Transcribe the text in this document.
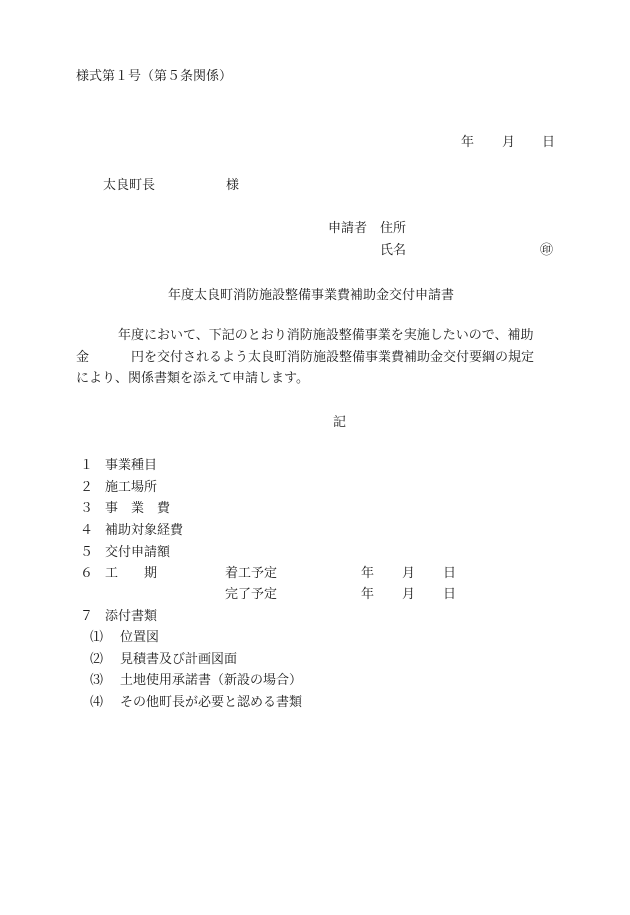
様式第１号（第５条関係）
年 月 日
太良町長	様
申請者 住所
氏名	㊞
年度太良町消防施設整備事業費補助金交付申請書
年度において、下記のとおり消防施設整備事業を実施したいので、補助
金	円を交付されるよう太良町消防施設整備事業費補助金交付要綱の規定
により、関係書類を添えて申請します。
記
１ 事業種目
２ 施工場所
３ 事　業　費
４ 補助対象経費
５ 交付申請額
６ 工　　期	着工予定	年 月 日
完了予定	年 月 日
７ 添付書類
⑴ 位置図
⑵ 見積書及び計画図面
⑶ 土地使用承諾書（新設の場合）
⑷ その他町長が必要と認める書類
